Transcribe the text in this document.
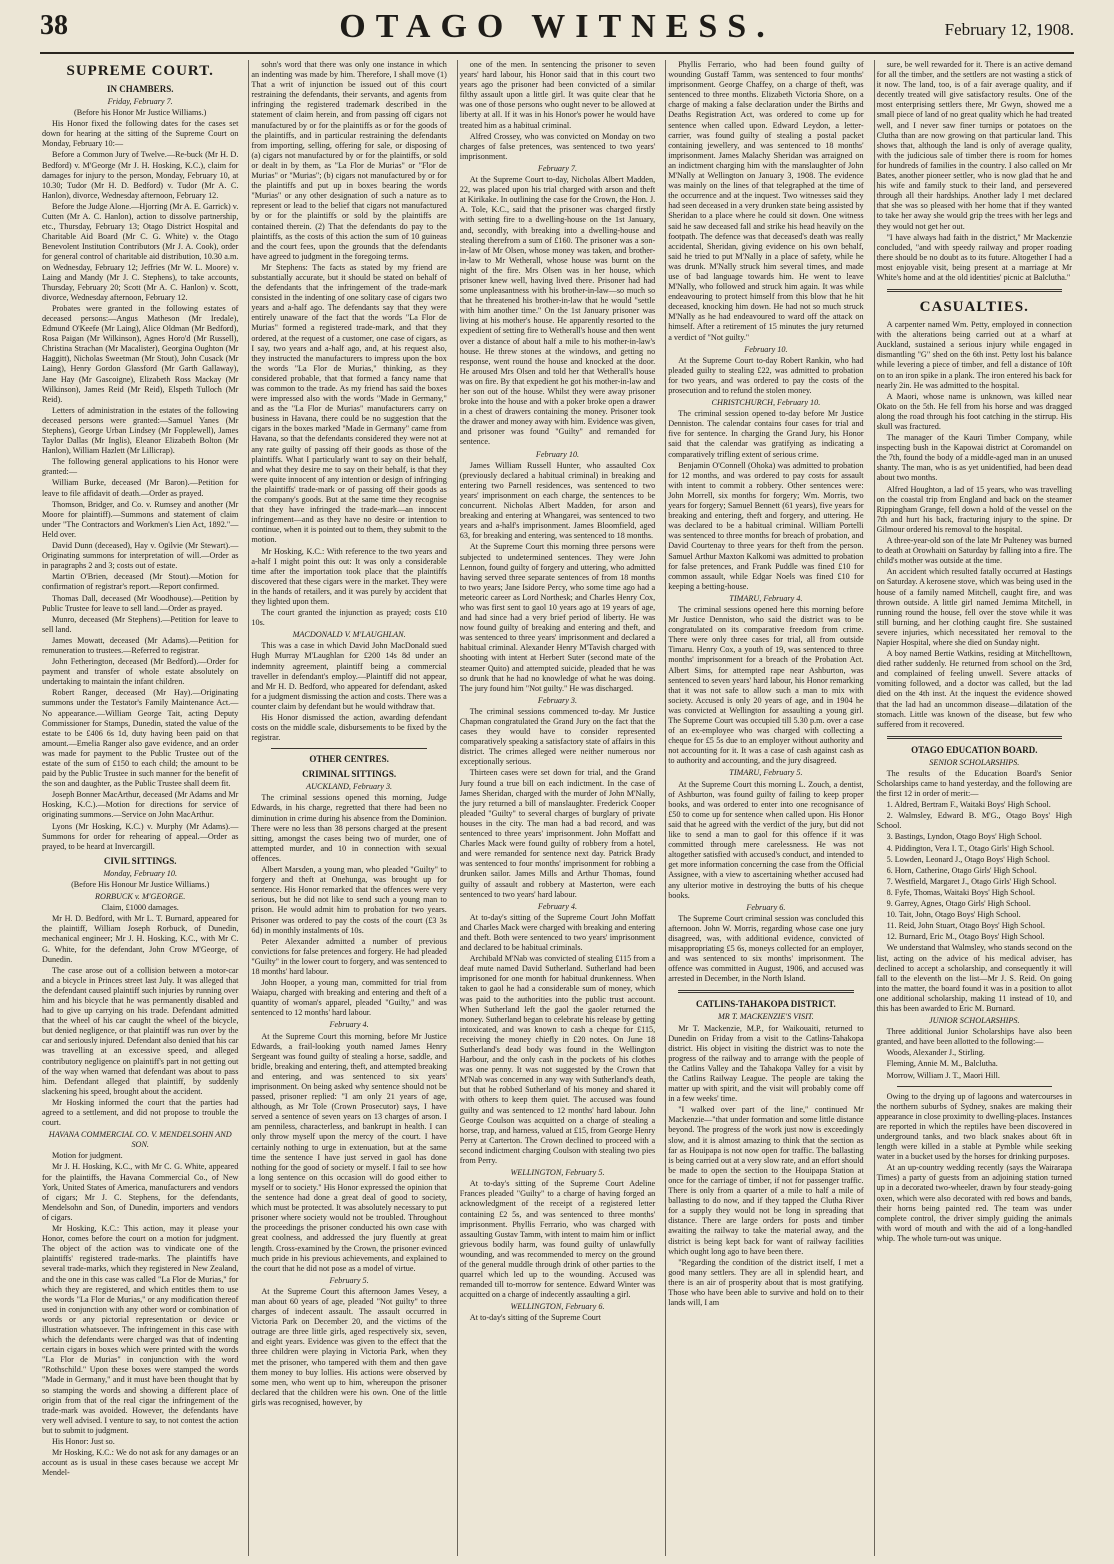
38	OTAGO WITNESS.	February 12, 1908.
SUPREME COURT.
IN CHAMBERS.
Friday, February 7.

(Before his Honor Mr Justice Williams.)

His Honor fixed the following dates for the cases set down for hearing at the sitting of the Supreme Court on Monday, February 10:—

Before a Common Jury of Twelve.—Re-buck (Mr H. D. Bedford) v. M'George (Mr J. H. Hosking, K.C.), claim for damages for injury to the person, Monday, February 10, at 10.30; Tudor (Mr H. D. Bedford) v. Tudor (Mr A. C. Hanlon), divorce, Wednesday afternoon, February 12.

Before the Judge Alone.—Hjorring (Mr A. E. Garrick) v. Cutten (Mr A. C. Hanlon), action to dissolve partnership, etc., Thursday, February 13; Otago District Hospital and Charitable Aid Board (Mr C. G. White) v. the Otago Benevolent Institution Contributors (Mr J. A. Cook), order for general control of charitable aid distribution, 10.30 a.m. on Wednesday, February 12; Jeffries (Mr W. L. Moore) v. Laing and Mandy (Mr J. C. Stephens), to take accounts, Thursday, February 20; Scott (Mr A. C. Hanlon) v. Scott, divorce, Wednesday afternoon, February 12.

Probates were granted in the following estates of deceased persons:—Angus Matheson (Mr Iredale), Edmund O'Keefe (Mr Laing), Alice Oldman (Mr Bedford), Rosa Paigan (Mr Wilkinson), Agnes Horo'd (Mr Russell), Christina Strachan (Mr Macalister), Georgina Oughton (Mr Haggitt), Nicholas Sweetman (Mr Stout), John Cusack (Mr Laing), Henry Gordon Glassford (Mr Garth Gallaway), Jane Hay (Mr Gascoigne), Elizabeth Ross Mackay (Mr Wilkinson), James Reid (Mr Reid), Elspeth Tulloch (Mr Reid).

Letters of administration in the estates of the following deceased persons were granted:—Samuel Yanes (Mr Stephens), George Urban Lindsey (Mr Fopplewell), James Taylor Dallas (Mr Inglis), Eleanor Elizabeth Bolton (Mr Hanlon), William Hazlett (Mr Lillicrap).

The following general applications to his Honor were granted:—

William Burke, deceased (Mr Baron).—Petition for leave to file affidavit of death.—Order as prayed.

Thomson, Bridger, and Co. v. Rumsey and another (Mr Moore for plaintiff).—Summons and statement of claim under "The Contractors and Workmen's Lien Act, 1892."—Held over.

David Dunn (deceased), Hay v. Ogilvie (Mr Stewart).—Originating summons for interpretation of will.—Order as in paragraphs 2 and 3; costs out of estate.

Martin O'Brien, deceased (Mr Stout).—Motion for confirmation of registrar's report.—Report confirmed.

Thomas Dall, deceased (Mr Woodhouse).—Petition by Public Trustee for leave to sell land.—Order as prayed.

Munro, deceased (Mr Stephens).—Petition for leave to sell land.

James Mowatt, deceased (Mr Adams).—Petition for remuneration to trustees.—Referred to registrar.

John Fetherington, deceased (Mr Bedford).—Order for payment and transfer of whole estate absolutely on undertaking to maintain the infant children.

Robert Ranger, deceased (Mr Hay).—Originating summons under the Testator's Family Maintenance Act.—No appearance.—William George Tait, acting Deputy Commissioner for Stamps, Dunedin, stated the value of the estate to be £406 6s 1d, duty having been paid on that amount.—Emelia Ranger also gave evidence, and an order was made for payment to the Public Trustee out of the estate of the sum of £150 to each child; the amount to be paid by the Public Trustee in such manner for the benefit of the son and daughter, as the Public Trustee shall deem fit.

Joseph Bonner MacArthur, deceased (Mr Adams and Mr Hosking, K.C.).—Motion for directions for service of originating summons.—Service on John MacArthur.

Lyons (Mr Hosking, K.C.) v. Murphy (Mr Adams).—Summons for order for rehearing of appeal.—Order as prayed, to be heard at Invercargill.

CIVIL SITTINGS.
Monday, February 10.

(Before His Honour Mr Justice Williams.)

RORBUCK v. M'GEORGE.

Claim, £1000 damages.

Mr H. D. Bedford, with Mr L. T. Burnard, appeared for the plaintiff, William Joseph Rorbuck, of Dunedin, mechanical engineer; Mr J. H. Hosking, K.C., with Mr C. G. White, for the defendant, John Crow M'George, of Dunedin.

The case arose out of a collision between a motor-car and a bicycle in Princes street last July. It was alleged that the defendant caused plaintiff such injuries by running over him and his bicycle that he was permanently disabled and had to give up carrying on his trade. Defendant admitted that the wheel of his car caught the wheel of the bicycle, but denied negligence, or that plaintiff was run over by the car and seriously injured. Defendant also denied that his car was travelling at an excessive speed, and alleged contributory negligence on plaintiff's part in not getting out of the way when warned that defendant was about to pass him. Defendant alleged that plaintiff, by suddenly slackening his speed, brought about the accident.

Mr Hosking informed the court that the parties had agreed to a settlement, and did not propose to trouble the court.

HAVANA COMMERCIAL CO. V. MENDELSOHN AND SON.

Motion for judgment.

Mr J. H. Hosking, K.C., with Mr C. G. White, appeared for the plaintiffs, the Havana Commercial Co., of New York, United States of America, manufacturers and vendors of cigars; Mr J. C. Stephens, for the defendants, Mendelsohn and Son, of Dunedin, importers and vendors of cigars.

Mr Hosking, K.C.: This action, may it please your Honor, comes before the court on a motion for judgment. The object of the action was to vindicate one of the plaintiffs' registered trade-marks. The plaintiffs have several trade-marks, which they registered in New Zealand, and the one in this case was called "La Flor de Murias," for which they are registered, and which entitles them to use the words "La Flor de Murias," or any modification thereof used in conjunction with any other word or combination of words or any pictorial representation or device or illustration whatsoever. The infringement in this case with which the defendants were charged was that of indenting certain cigars in boxes which were printed with the words "La Flor de Murias" in conjunction with the word "Rothschild." Upon these boxes were stamped the words "Made in Germany," and it must have been thought that by so stamping the words and showing a different place of origin from that of the real cigar the infringement of the trade-mark was avoided. However, the defendants have very well advised. I venture to say, to not contest the action but to submit to judgment.

His Honor: Just so.

Mr Hosking, K.C.: We do not ask for any damages or an account as is usual in these cases because we accept Mr Mendel-

sohn's word that there was only one instance in which an indenting was made by him. Therefore, I shall move (1) That a writ of injunction be issued out of this court restraining the defendants, their servants, and agents from infringing the registered trademark described in the statement of claim herein, and from passing off cigars not manufactured by or for the plaintiffs as or for the goods of the plaintiffs, and in particular restraining the defendants from importing, selling, offering for sale, or disposing of (a) cigars not manufactured by or for the plaintiffs, or sold or dealt in by them, as "La Flor de Murias" or "Flor de Murias" or "Murias"; (b) cigars not manufactured by or for the plaintiffs and put up in boxes bearing the words "Murias" or any other designation of such a nature as to represent or lead to the belief that cigars not manufactured by or for the plaintiffs or sold by the plaintiffs are contained therein. (2) That the defendants do pay to the plaintiffs, as the costs of this action the sum of 10 guineas and the court fees, upon the grounds that the defendants have agreed to judgment in the foregoing terms.

Mr Stephens: The facts as stated by my friend are substantially accurate, but it should be stated on behalf of the defendants that the infringement of the trade-mark consisted in the indenting of one solitary case of cigars two years and a-half ago. The defendants say that they were entirely unaware of the fact that the words "La Flor de Murias" formed a registered trade-mark, and that they ordered, at the request of a customer, one case of cigars, as I say, two years and a-half ago, and, at his request also, they instructed the manufacturers to impress upon the box the words "La Flor de Murias," thinking, as they considered probable, that that formed a fancy name that was common to the trade. As my friend has said the boxes were impressed also with the words "Made in Germany," and as the "La Flor de Murias" manufacturers carry on business in Havana, there could be no suggestion that the cigars in the boxes marked "Made in Germany" came from Havana, so that the defendants considered they were not at any rate guilty of passing off their goods as those of the plaintiffs. What I particularly want to say on their behalf, and what they desire me to say on their behalf, is that they were quite innocent of any intention or design of infringing the plaintiffs' trade-mark or of passing off their goods as the company's goods. But at the same time they recognise that they have infringed the trade-mark—an innocent infringement—and as they have no desire or intention to continue, when it is pointed out to them, they submit to the motion.

Mr Hosking, K.C.: With reference to the two years and a-half I might point this out: It was only a considerable time after the importation took place that the plaintiffs discovered that these cigars were in the market. They were in the hands of retailers, and it was purely by accident that they lighted upon them.

The court granted the injunction as prayed; costs £10 10s.

MACDONALD V. M'LAUGHLAN.

This was a case in which David John MacDonald sued Hugh Murray M'Laughlan for £200 14s 8d under an indemnity agreement, plaintiff being a commercial traveller in defendant's employ.—Plaintiff did not appear, and Mr H. D. Bedford, who appeared for defendant, asked for a judgment dismissing the action and costs. There was a counter claim by defendant but he would withdraw that.

His Honor dismissed the action, awarding defendant costs on the middle scale, disbursements to be fixed by the registrar.

OTHER CENTRES.
CRIMINAL SITTINGS.
AUCKLAND, February 3.

The criminal sessions opened this morning, Judge Edwards, in his charge, regretted that there had been no diminution in crime during his absence from the Dominion. There were no less than 38 persons charged at the present sitting, amongst the cases being two of murder, one of attempted murder, and 10 in connection with sexual offences.

Albert Marsden, a young man, who pleaded "Guilty" to forgery and theft at Onehunga, was brought up for sentence. His Honor remarked that the offences were very serious, but he did not like to send such a young man to prison. He would admit him to probation for two years. Prisoner was ordered to pay the costs of the court (£3 3s 6d) in monthly instalments of 10s.

Peter Alexander admitted a number of previous convictions for false pretences and forgery. He had pleaded "Guilty" in the lower court to forgery, and was sentenced to 18 months' hard labour.

John Hooper, a young man, committed for trial from Waiapu, charged with breaking and entering and theft of a quantity of woman's apparel, pleaded "Guilty," and was sentenced to 12 months' hard labour.

February 4.

At the Supreme Court this morning, before Mr Justice Edwards, a frail-looking youth named James Henry Sergeant was found guilty of stealing a horse, saddle, and bridle, breaking and entering, theft, and attempted breaking and entering, and was sentenced to six years' imprisonment. On being asked why sentence should not be passed, prisoner replied: "I am only 21 years of age, although, as Mr Tole (Crown Prosecutor) says, I have served a sentence of seven years on 13 charges of arson. I am penniless, characterless, and bankrupt in health. I can only throw myself upon the mercy of the court. I have certainly nothing to urge in extenuation, but at the same time the sentence I have just served in gaol has done nothing for the good of society or myself. I fail to see how a long sentence on this occasion will do good either to myself or to society." His Honor expressed the opinion that the sentence had done a great deal of good to society, which must be protected. It was absolutely necessary to put prisoner where society would not be troubled. Throughout the proceedings the prisoner conducted his own case with great coolness, and addressed the jury fluently at great length. Cross-examined by the Crown, the prisoner evinced much pride in his previous achievements, and explained to the court that he did not pose as a model of virtue.

February 5.

At the Supreme Court this afternoon James Vesey, a man about 60 years of age, pleaded "Not guilty" to three charges of indecent assault. The assault occurred in Victoria Park on December 20, and the victims of the outrage are three little girls, aged respectively six, seven, and eight years. Evidence was given to the effect that the three children were playing in Victoria Park, when they met the prisoner, who tampered with them and then gave them money to buy lollies. His actions were observed by some men, who went up to him, whereupon the prisoner declared that the children were his own. One of the little girls was recognised, however, by

one of the men. In sentencing the prisoner to seven years' hard labour, his Honor said that in this court two years ago the prisoner had been convicted of a similar filthy assault upon a little girl. It was quite clear that he was one of those persons who ought never to be allowed at liberty at all. If it was in his Honor's power he would have treated him as a habitual criminal.

Alfred Crossey, who was convicted on Monday on two charges of false pretences, was sentenced to two years' imprisonment.

February 7.

At the Supreme Court to-day, Nicholas Albert Madden, 22, was placed upon his trial charged with arson and theft at Kirikake. In outlining the case for the Crown, the Hon. J. A. Tole, K.C., said that the prisoner was charged firstly with setting fire to a dwelling-house on the 1st January, and, secondly, with breaking into a dwelling-house and stealing therefrom a sum of £160. The prisoner was a son-in-law of Mr Olsen, whose money was taken, and brother-in-law to Mr Wetherall, whose house was burnt on the night of the fire. Mrs Olsen was in her house, which prisoner knew well, having lived there. Prisoner had had some unpleasantness with his brother-in-law—so much so that he threatened his brother-in-law that he would "settle with him another time." On the 1st January prisoner was living at his mother's house. He apparently resorted to the expedient of setting fire to Wetherall's house and then went over a distance of about half a mile to his mother-in-law's house. He threw stones at the windows, and getting no response, went round the house and knocked at the door. He aroused Mrs Olsen and told her that Wetherall's house was on fire. By that expedient he got his mother-in-law and her son out of the house. Whilst they were away prisoner broke into the house and with a poker broke open a drawer in a chest of drawers containing the money. Prisoner took the drawer and money away with him. Evidence was given, and prisoner was found "Guilty" and remanded for sentence.

February 10.

James William Russell Hunter, who assaulted Cox (previously declared a habitual criminal) in breaking and entering two Parnell residences, was sentenced to two years' imprisonment on each charge, the sentences to be concurrent. Nicholas Albert Madden, for arson and breaking and entering at Whangarei, was sentenced to two years and a-half's imprisonment. James Bloomfield, aged 63, for breaking and entering, was sentenced to 18 months.

At the Supreme Court this morning three persons were subjected to undetermined sentences. They were John Lennon, found guilty of forgery and uttering, who admitted having served three separate sentences of from 18 months to two years; Jane Isidore Percy, who some time ago had a meteoric career as Lord Northesk; and Charles Henry Cox, who was first sent to gaol 10 years ago at 19 years of age, and had since had a very brief period of liberty. He was now found guilty of breaking and entering and theft, and was sentenced to three years' imprisonment and declared a habitual criminal. Alexander Henry M'Tavish charged with shooting with intent at Herbert Suter (second mate of the steamer Quito) and attempted suicide, pleaded that he was so drunk that he had no knowledge of what he was doing. The jury found him "Not guilty." He was discharged.

February 3.

The criminal sessions commenced to-day. Mr Justice Chapman congratulated the Grand Jury on the fact that the cases they would have to consider represented comparatively speaking a satisfactory state of affairs in this district. The crimes alleged were neither numerous nor exceptionally serious.

Thirteen cases were set down for trial, and the Grand Jury found a true bill on each indictment. In the case of James Sheridan, charged with the murder of John M'Nally, the jury returned a bill of manslaughter. Frederick Cooper pleaded "Guilty" to several charges of burglary of private houses in the city. The man had a bad record, and was sentenced to three years' imprisonment. John Moffatt and Charles Mack were found guilty of robbery from a hotel, and were remanded for sentence next day. Patrick Brady was sentenced to four months' imprisonment for robbing a drunken sailor. James Mills and Arthur Thomas, found guilty of assault and robbery at Masterton, were each sentenced to two years' hard labour.

February 4.

At to-day's sitting of the Supreme Court John Moffatt and Charles Mack were charged with breaking and entering and theft. Both were sentenced to two years' imprisonment and declared to be habitual criminals.

Archibald M'Nab was convicted of stealing £115 from a deaf mute named David Sutherland. Sutherland had been imprisoned for one month for habitual drunkenness. When taken to gaol he had a considerable sum of money, which was paid to the authorities into the public trust account. When Sutherland left the gaol the gaoler returned the money. Sutherland began to celebrate his release by getting intoxicated, and was known to cash a cheque for £115, receiving the money chiefly in £20 notes. On June 18 Sutherland's dead body was found in the Wellington Harbour, and the only cash in the pockets of his clothes was one penny. It was not suggested by the Crown that M'Nab was concerned in any way with Sutherland's death, but that he robbed Sutherland of his money and shared it with others to keep them quiet. The accused was found guilty and was sentenced to 12 months' hard labour. John George Coulson was acquitted on a charge of stealing a horse, trap, and harness, valued at £15, from George Henry Perry at Carterton. The Crown declined to proceed with a second indictment charging Coulson with stealing two pies from Perry.

WELLINGTON, February 5.

At to-day's sitting of the Supreme Court Adeline Frances pleaded "Guilty" to a charge of having forged an acknowledgment of the receipt of a registered letter containing £2 5s, and was sentenced to three months' imprisonment. Phyllis Ferrario, who was charged with assaulting Gustav Tamm, with intent to maim him or inflict grievous bodily harm, was found guilty of unlawfully wounding, and was recommended to mercy on the ground of the general muddle through drink of other parties to the quarrel which led up to the wounding. Accused was remanded till to-morrow for sentence. Edward Winter was acquitted on a charge of indecently assaulting a girl.

WELLINGTON, February 6.

At to-day's sitting of the Supreme Court

Phyllis Ferrario, who had been found guilty of wounding Gustaff Tamm, was sentenced to four months' imprisonment. George Chaffey, on a charge of theft, was sentenced to three months. Elizabeth Victoria Shore, on a charge of making a false declaration under the Births and Deaths Registration Act, was ordered to come up for sentence when called upon. Edward Leydon, a letter-carrier, was found guilty of stealing a postal packet containing jewellery, and was sentenced to 18 months' imprisonment. James Malachy Sheridan was arraigned on an indictment charging him with the manslaughter of John M'Nally at Wellington on January 3, 1908. The evidence was mainly on the lines of that telegraphed at the time of the occurrence and at the inquest. Two witnesses said they had seen deceased in a very drunken state being assisted by Sheridan to a place where he could sit down. One witness said he saw deceased fall and strike his head heavily on the footpath. The defence was that deceased's death was really accidental, Sheridan, giving evidence on his own behalf, said he tried to put M'Nally in a place of safety, while he was drunk. M'Nally struck him several times, and made use of bad language towards him. He went to leave M'Nally, who followed and struck him again. It was while endeavouring to protect himself from this blow that he hit deceased, knocking him down. He had not so much struck M'Nally as he had endeavoured to ward off the attack on himself. After a retirement of 15 minutes the jury returned a verdict of "Not guilty."

February 10.

At the Supreme Court to-day Robert Rankin, who had pleaded guilty to stealing £22, was admitted to probation for two years, and was ordered to pay the costs of the prosecution and to refund the stolen money.

CHRISTCHURCH, February 10.

The criminal session opened to-day before Mr Justice Denniston. The calendar contains four cases for trial and five for sentence. In charging the Grand Jury, his Honor said that the calendar was gratifying as indicating a comparatively trifling extent of serious crime.

Benjamin O'Connell (Ohoka) was admitted to probation for 12 months, and was ordered to pay costs for assault with intent to commit a robbery. Other sentences were: John Morrell, six months for forgery; Wm. Morris, two years for forgery; Samuel Bennett (61 years), five years for breaking and entering, theft and forgery, and uttering. He was declared to be a habitual criminal. William Portelli was sentenced to three months for breach of probation, and David Courtenay to three years for theft from the person. Samuel Arthur Maxton Kalkomi was admitted to probation for false pretences, and Frank Puddle was fined £10 for common assault, while Edgar Noels was fined £10 for keeping a betting-house.

TIMARU, February 4.

The criminal sessions opened here this morning before Mr Justice Denniston, who said the district was to be congratulated on its comparative freedom from crime. There were only three cases for trial, all from outside Timaru. Henry Cox, a youth of 19, was sentenced to three months' imprisonment for a breach of the Probation Act. Albert Sims, for attempted rape near Ashburton, was sentenced to seven years' hard labour, his Honor remarking that it was not safe to allow such a man to mix with society. Accused is only 20 years of age, and in 1904 he was convicted at Wellington for assaulting a young girl. The Supreme Court was occupied till 5.30 p.m. over a case of an ex-employee who was charged with collecting a cheque for £5 5s due to an employer without authority and not accounting for it. It was a case of cash against cash as to authority and accounting, and the jury disagreed.

TIMARU, February 5.

At the Supreme Court this morning L. Zouch, a dentist, of Ashburton, was found guilty of failing to keep proper books, and was ordered to enter into one recognisance of £50 to come up for sentence when called upon. His Honor said that he agreed with the verdict of the jury, but did not like to send a man to gaol for this offence if it was committed through mere carelessness. He was not altogether satisfied with accused's conduct, and intended to get more information concerning the case from the Official Assignee, with a view to ascertaining whether accused had any ulterior motive in destroying the butts of his cheque books.

February 6.

The Supreme Court criminal session was concluded this afternoon. John W. Morris, regarding whose case one jury disagreed, was, with additional evidence, convicted of misappropriating £5 6s, moneys collected for an employer, and was sentenced to six months' imprisonment. The offence was committed in August, 1906, and accused was arrested in December, in the North Island.

CATLINS-TAHAKOPA DISTRICT.
MR T. MACKENZIE'S VISIT.

Mr T. Mackenzie, M.P., for Waikouaiti, returned to Dunedin on Friday from a visit to the Catlins-Tahakopa district. His object in visiting the district was to note the progress of the railway and to arrange with the people of the Catlins Valley and the Tahakopa Valley for a visit by the Catlins Railway League. The people are taking the matter up with spirit, and the visit will probably come off in a few weeks' time.

"I walked over part of the line," continued Mr Mackenzie—"that under formation and some little distance beyond. The progress of the work just now is exceedingly slow, and it is almost amazing to think that the section as far as Houipapa is not now open for traffic. The ballasting is being carried out at a very slow rate, and an effort should be made to open the section to the Houipapa Station at once for the carriage of timber, if not for passenger traffic. There is only from a quarter of a mile to half a mile of ballasting to do now, and if they tapped the Clutha River for a supply they would not be long in spreading that distance. There are large orders for posts and timber awaiting the railway to take the material away, and the district is being kept back for want of railway facilities which ought long ago to have been there.

"Regarding the condition of the district itself, I met a good many settlers. They are all in splendid heart, and there is an air of prosperity about that is most gratifying. Those who have been able to survive and hold on to their lands will, I am

sure, be well rewarded for it. There is an active demand for all the timber, and the settlers are not wasting a stick of it now. The land, too, is of a fair average quality, and if decently treated will give satisfactory results. One of the most enterprising settlers there, Mr Gwyn, showed me a small piece of land of no great quality which he had treated well, and I never saw finer turnips or potatoes on the Clutha than are now growing on that particular land. This shows that, although the land is only of average quality, with the judicious sale of timber there is room for homes for hundreds of families in the country. I also called on Mr Bates, another pioneer settler, who is now glad that he and his wife and family stuck to their land, and persevered through all their hardships. Another lady I met declared that she was so pleased with her home that if they wanted to take her away she would grip the trees with her legs and they would not get her out.

"I have always had faith in the district," Mr Mackenzie concluded, "and with speedy railway and proper roading there should be no doubt as to its future. Altogether I had a most enjoyable visit, being present at a marriage at Mr White's home and at the old identities' picnic at Balclutha."

CASUALTIES.

A carpenter named Wm. Petty, employed in connection with the alterations being carried out at a wharf at Auckland, sustained a serious injury while engaged in dismantling "G" shed on the 6th inst. Petty lost his balance while levering a piece of timber, and fell a distance of 10ft on to an iron spike in a plank. The iron entered his back for nearly 2in. He was admitted to the hospital.

A Maori, whose name is unknown, was killed near Okato on the 5th. He fell from his horse and was dragged along the road through his foot catching in the stirrup. His skull was fractured.

The manager of the Kauri Timber Company, while inspecting bush in the Kapowai district at Coromandel on the 7th, found the body of a middle-aged man in an unused shanty. The man, who is as yet unidentified, had been dead about two months.

Alfred Houghton, a lad of 15 years, who was travelling on the coastal trip from England and back on the steamer Rippingham Grange, fell down a hold of the vessel on the 7th and hurt his back, fracturing injury to the spine. Dr Gilmour ordered his removal to the hospital.

A three-year-old son of the late Mr Pulteney was burned to death at Orowhaiti on Saturday by falling into a fire. The child's mother was outside at the time.

An accident which resulted fatally occurred at Hastings on Saturday. A kerosene stove, which was being used in the house of a family named Mitchell, caught fire, and was thrown outside. A little girl named Jemima Mitchell, in running round the house, fell over the stove while it was still burning, and her clothing caught fire. She sustained severe injuries, which necessitated her removal to the Napier Hospital, where she died on Sunday night.

A boy named Bertie Watkins, residing at Mitchelltown, died rather suddenly. He returned from school on the 3rd, and complained of feeling unwell. Severe attacks of vomiting followed, and a doctor was called, but the lad died on the 4th inst. At the inquest the evidence showed that the lad had an uncommon disease—dilatation of the stomach. Little was known of the disease, but few who suffered from it recovered.

OTAGO EDUCATION BOARD.
SENIOR SCHOLARSHIPS.

The results of the Education Board's Senior Scholarships came to hand yesterday, and the following are the first 12 in order of merit:—

1. Aldred, Bertram F., Waitaki Boys' High School.

2. Walmsley, Edward B. M'G., Otago Boys' High School.

3. Bastings, Lyndon, Otago Boys' High School.

4. Piddington, Vera I. T., Otago Girls' High School.

5. Lowden, Leonard J., Otago Boys' High School.

6. Horn, Catherine, Otago Girls' High School.

7. Westfield, Margaret J., Otago Girls' High School.

8. Fyfe, Thomas, Waitaki Boys' High School.

9. Garrey, Agnes, Otago Girls' High School.

10. Tait, John, Otago Boys' High School.

11. Reid, John Stuart, Otago Boys' High School.

12. Burnard, Eric M., Otago Boys' High School.

We understand that Walmsley, who stands second on the list, acting on the advice of his medical adviser, has declined to accept a scholarship, and consequently it will fall to the eleventh on the list—Mr J. S. Reid. On going into the matter, the board found it was in a position to allot one additional scholarship, making 11 instead of 10, and this has been awarded to Eric M. Burnard.

JUNIOR SCHOLARSHIPS.

Three additional Junior Scholarships have also been granted, and have been allotted to the following:—

Woods, Alexander J., Stirling.

Fleming, Annie M. M., Balclutha.

Morrow, William J. T., Maori Hill.

Owing to the drying up of lagoons and watercourses in the northern suburbs of Sydney, snakes are making their appearance in close proximity to dwelling-places. Instances are reported in which the reptiles have been discovered in underground tanks, and two black snakes about 6ft in length were killed in a stable at Pymble while seeking water in a bucket used by the horses for drinking purposes.

At an up-country wedding recently (says the Wairarapa Times) a party of guests from an adjoining station turned up in a decorated two-wheeler, drawn by four steady-going oxen, which were also decorated with red bows and bands, their horns being painted red. The team was under complete control, the driver simply guiding the animals with word of mouth and with the aid of a long-handled whip. The whole turn-out was unique.
